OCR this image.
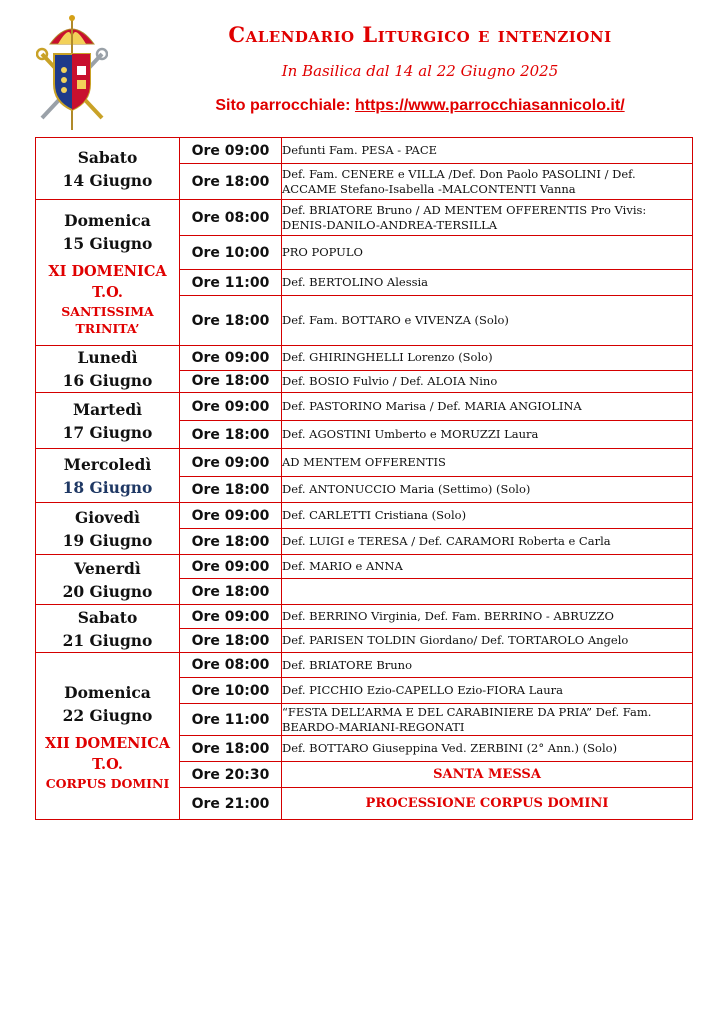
Calendario Liturgico e intenzioni
In Basilica dal 14 al 22 Giugno 2025
Sito parrocchiale: https://www.parrocchiasannicolo.it/
Sabato
14 Giugno	Ore 09:00	Defunti Fam. PESA - PACE
	Ore 18:00	Def. Fam. CENERE e VILLA /Def. Don Paolo PASOLINI / Def. ACCAME Stefano-Isabella -MALCONTENTI Vanna

Domenica
15 Giugno
XI DOMENICA T.O.
SANTISSIMA TRINITA’	Ore 08:00	Def. BRIATORE Bruno / AD MENTEM OFFERENTIS Pro Vivis: DENIS-DANILO-ANDREA-TERSILLA
	Ore 10:00	PRO POPULO
	Ore 11:00	Def. BERTOLINO Alessia
	Ore 18:00	Def. Fam. BOTTARO e VIVENZA (Solo)

Lunedì
16 Giugno	Ore 09:00	Def. GHIRINGHELLI Lorenzo (Solo)
	Ore 18:00	Def. BOSIO Fulvio / Def. ALOIA Nino

Martedì
17 Giugno	Ore 09:00	Def. PASTORINO Marisa / Def. MARIA ANGIOLINA
	Ore 18:00	Def. AGOSTINI Umberto e MORUZZI Laura

Mercoledì
18 Giugno	Ore 09:00	AD MENTEM OFFERENTIS
	Ore 18:00	Def. ANTONUCCIO Maria (Settimo) (Solo)

Giovedì
19 Giugno	Ore 09:00	Def. CARLETTI Cristiana (Solo)
	Ore 18:00	Def. LUIGI e TERESA / Def. CARAMORI Roberta e Carla

Venerdì
20 Giugno	Ore 09:00	Def. MARIO e ANNA
	Ore 18:00	

Sabato
21 Giugno	Ore 09:00	Def. BERRINO Virginia, Def. Fam. BERRINO - ABRUZZO
	Ore 18:00	Def. PARISEN TOLDIN Giordano/ Def. TORTAROLO Angelo

Domenica
22 Giugno
XII DOMENICA T.O.
CORPUS DOMINI	Ore 08:00	Def. BRIATORE Bruno
	Ore 10:00	Def. PICCHIO Ezio-CAPELLO Ezio-FIORA Laura
	Ore 11:00	“FESTA DELL’ARMA E DEL CARABINIERE DA PRIA” Def. Fam. BEARDO-MARIANI-REGONATI
	Ore 18:00	Def. BOTTARO Giuseppina Ved. ZERBINI (2° Ann.) (Solo)
	Ore 20:30	SANTA MESSA
	Ore 21:00	PROCESSIONE CORPUS DOMINI
